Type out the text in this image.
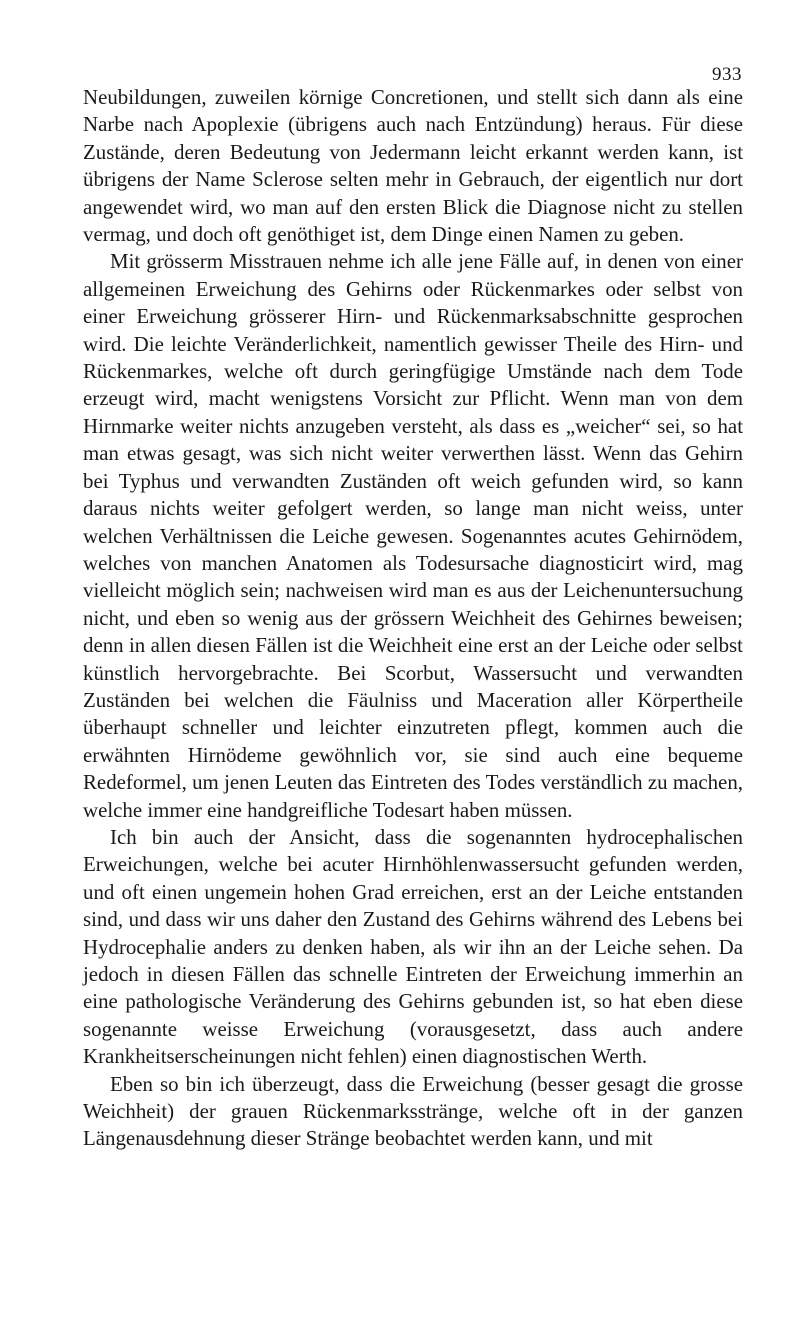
933

Neubildungen, zuweilen körnige Concretionen, und stellt sich dann als eine Narbe nach Apoplexie (übrigens auch nach Entzündung) heraus. Für diese Zustände, deren Bedeutung von Jedermann leicht erkannt werden kann, ist übrigens der Name Sclerose selten mehr in Gebrauch, der eigentlich nur dort angewendet wird, wo man auf den ersten Blick die Diagnose nicht zu stellen vermag, und doch oft genöthiget ist, dem Dinge einen Namen zu geben.

Mit grösserm Misstrauen nehme ich alle jene Fälle auf, in denen von einer allgemeinen Erweichung des Gehirns oder Rückenmarkes oder selbst von einer Erweichung grösserer Hirn- und Rückenmarksabschnitte gesprochen wird. Die leichte Veränderlichkeit, namentlich gewisser Theile des Hirn- und Rückenmarkes, welche oft durch geringfügige Umstände nach dem Tode erzeugt wird, macht wenigstens Vorsicht zur Pflicht. Wenn man von dem Hirnmarke weiter nichts anzugeben versteht, als dass es „weicher“ sei, so hat man etwas gesagt, was sich nicht weiter verwerthen lässt. Wenn das Gehirn bei Typhus und verwandten Zuständen oft weich gefunden wird, so kann daraus nichts weiter gefolgert werden, so lange man nicht weiss, unter welchen Verhältnissen die Leiche gewesen. Sogenanntes acutes Gehirnödem, welches von manchen Anatomen als Todesursache diagnosticirt wird, mag vielleicht möglich sein; nachweisen wird man es aus der Leichenuntersuchung nicht, und eben so wenig aus der grössern Weichheit des Gehirnes beweisen; denn in allen diesen Fällen ist die Weichheit eine erst an der Leiche oder selbst künstlich hervorgebrachte. Bei Scorbut, Wassersucht und verwandten Zuständen bei welchen die Fäulniss und Maceration aller Körpertheile überhaupt schneller und leichter einzutreten pflegt, kommen auch die erwähnten Hirnödeme gewöhnlich vor, sie sind auch eine bequeme Redeformel, um jenen Leuten das Eintreten des Todes verständlich zu machen, welche immer eine handgreifliche Todesart haben müssen.

Ich bin auch der Ansicht, dass die sogenannten hydrocephalischen Erweichungen, welche bei acuter Hirnhöhlenwassersucht gefunden werden, und oft einen ungemein hohen Grad erreichen, erst an der Leiche entstanden sind, und dass wir uns daher den Zustand des Gehirns während des Lebens bei Hydrocephalie anders zu denken haben, als wir ihn an der Leiche sehen. Da jedoch in diesen Fällen das schnelle Eintreten der Erweichung immerhin an eine pathologische Veränderung des Gehirns gebunden ist, so hat eben diese sogenannte weisse Erweichung (vorausgesetzt, dass auch andere Krankheitserscheinungen nicht fehlen) einen diagnostischen Werth.

Eben so bin ich überzeugt, dass die Erweichung (besser gesagt die grosse Weichheit) der grauen Rückenmarksstränge, welche oft in der ganzen Längenausdehnung dieser Stränge beobachtet werden kann, und mit
